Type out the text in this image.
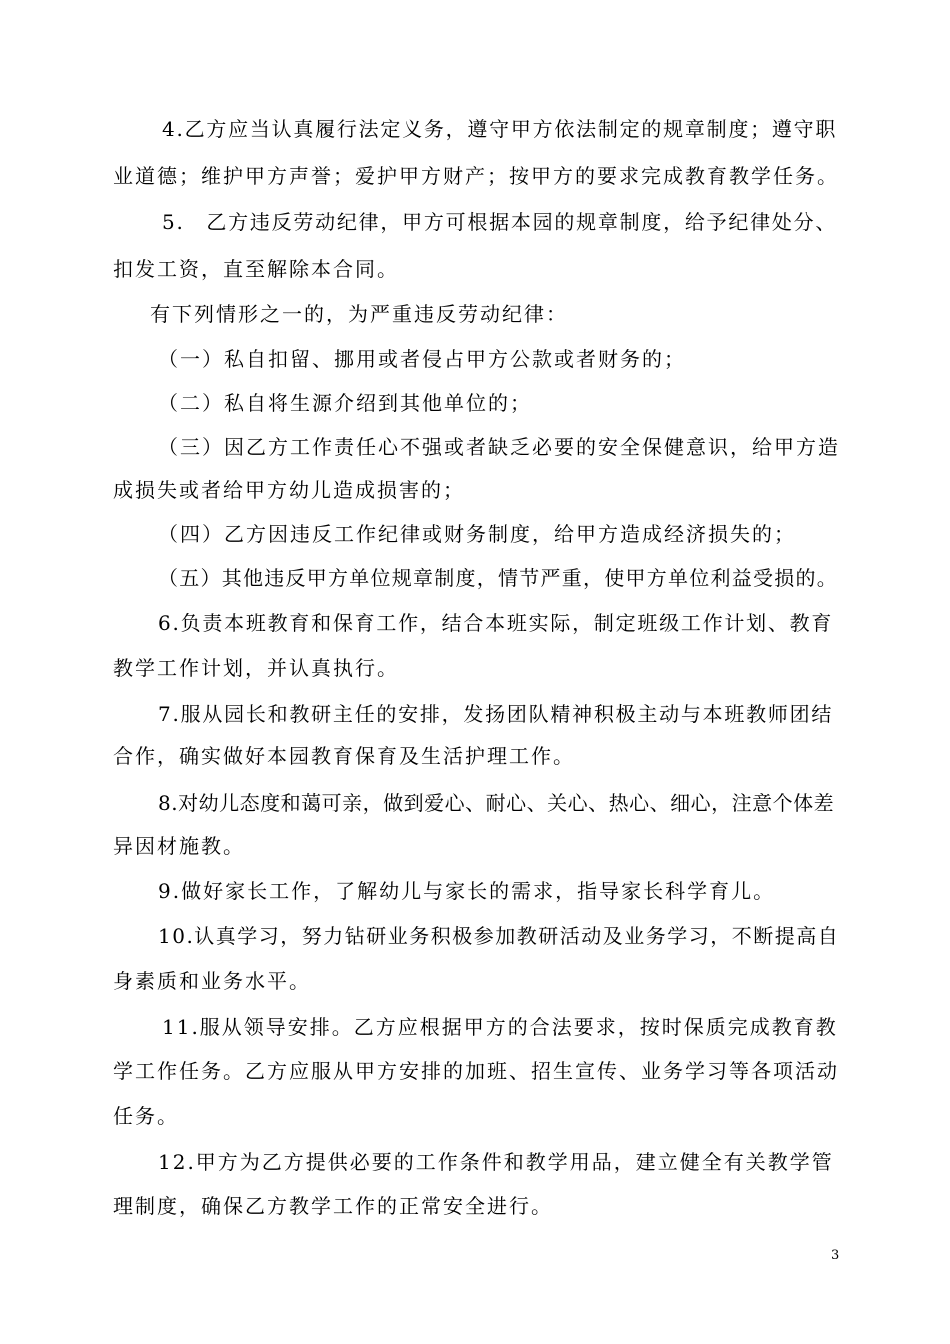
4.乙方应当认真履行法定义务，遵守甲方依法制定的规章制度；遵守职
业道德；维护甲方声誉；爱护甲方财产；按甲方的要求完成教育教学任务。
5.　乙方违反劳动纪律，甲方可根据本园的规章制度，给予纪律处分、
扣发工资，直至解除本合同。
有下列情形之一的，为严重违反劳动纪律：
（一）私自扣留、挪用或者侵占甲方公款或者财务的；
（二）私自将生源介绍到其他单位的；
（三）因乙方工作责任心不强或者缺乏必要的安全保健意识，给甲方造
成损失或者给甲方幼儿造成损害的；
（四）乙方因违反工作纪律或财务制度，给甲方造成经济损失的；
（五）其他违反甲方单位规章制度，情节严重，使甲方单位利益受损的。
6.负责本班教育和保育工作，结合本班实际，制定班级工作计划、教育
教学工作计划，并认真执行。
7.服从园长和教研主任的安排，发扬团队精神积极主动与本班教师团结
合作，确实做好本园教育保育及生活护理工作。
8.对幼儿态度和蔼可亲，做到爱心、耐心、关心、热心、细心，注意个体差
异因材施教。
9.做好家长工作，了解幼儿与家长的需求，指导家长科学育儿。
10.认真学习，努力钻研业务积极参加教研活动及业务学习，不断提高自
身素质和业务水平。
11.服从领导安排。乙方应根据甲方的合法要求，按时保质完成教育教
学工作任务。乙方应服从甲方安排的加班、招生宣传、业务学习等各项活动
任务。
12.甲方为乙方提供必要的工作条件和教学用品，建立健全有关教学管
理制度，确保乙方教学工作的正常安全进行。
3
